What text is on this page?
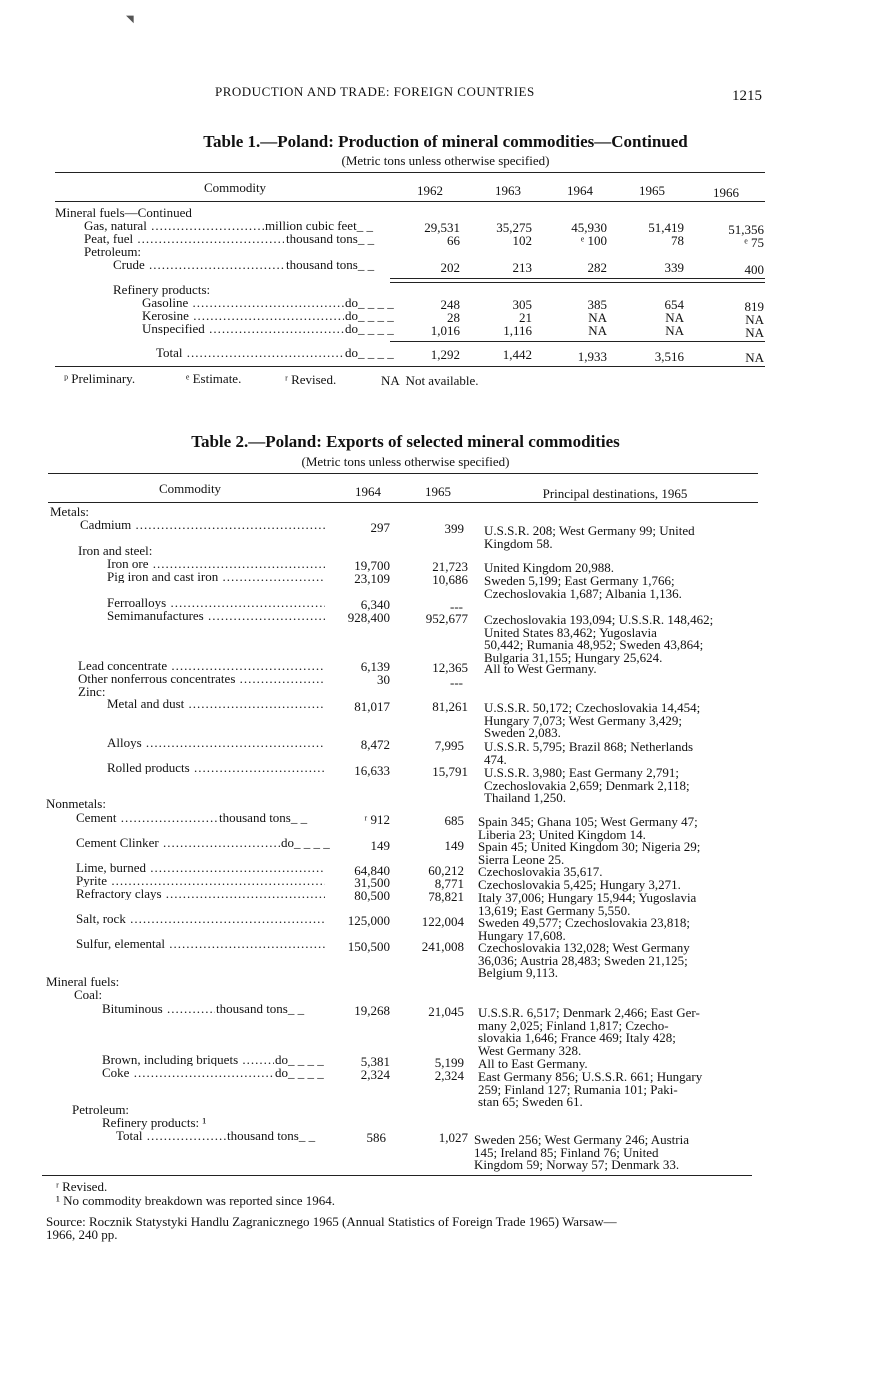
◥
PRODUCTION AND TRADE: FOREIGN COUNTRIES	1215
Table 1.—Poland: Production of mineral commodities—Continued
(Metric tons unless otherwise specified)
Commodity	1962	1963	1964	1965	1966
Mineral fuels—Continued
Gas, natural .....	million cubic feet_ _	29,531	35,275	45,930	51,419	51,356
Peat, fuel .....	thousand tons_ _	66	102	ᵉ 100	78	ᵉ 75
Petroleum:
Crude .....	thousand tons_ _	202	213	282	339	400
Refinery products:
Gasoline .....	do_ _ _ _	248	305	385	654	819
Kerosine .....	do_ _ _ _	28	21	NA	NA	NA
Unspecified .....	do_ _ _ _	1,016	1,116	NA	NA	NA
Total .....	do_ _ _ _	1,292	1,442	1,933	3,516	NA
ᵖ Preliminary.	ᵉ Estimate.	ʳ Revised.	NA  Not available.
Table 2.—Poland: Exports of selected mineral commodities
(Metric tons unless otherwise specified)
Commodity	1964	1965	Principal destinations, 1965
Metals:
Cadmium .....	297	399 U.S.S.R. 208; West Germany 99; United
Kingdom 58.
Iron and steel:
Iron ore .....	19,700	21,723 United Kingdom 20,988.
Pig iron and cast iron .....	23,109	10,686 Sweden 5,199; East Germany 1,766;
Czechoslovakia 1,687; Albania 1,136.
Ferroalloys .....	6,340	---
Semimanufactures .....	928,400	952,677 Czechoslovakia 193,094; U.S.S.R. 148,462;
United States 83,462; Yugoslavia
50,442; Rumania 48,952; Sweden 43,864;
Bulgaria 31,155; Hungary 25,624.
Lead concentrate .....	6,139	12,365 All to West Germany.
Other nonferrous concentrates .....	30	---
Zinc:
Metal and dust .....	81,017	81,261 U.S.S.R. 50,172; Czechoslovakia 14,454;
Hungary 7,073; West Germany 3,429;
Sweden 2,083.
Alloys .....	8,472	7,995 U.S.S.R. 5,795; Brazil 868; Netherlands
474.
Rolled products .....	16,633	15,791 U.S.S.R. 3,980; East Germany 2,791;
Czechoslovakia 2,659; Denmark 2,118;
Thailand 1,250.
Nonmetals:
Cement .....	thousand tons_ _	ʳ 912	685 Spain 345; Ghana 105; West Germany 47;
Liberia 23; United Kingdom 14.
Cement Clinker .....	do_ _ _ _	149	149 Spain 45; United Kingdom 30; Nigeria 29;
Sierra Leone 25.
Lime, burned .....	64,840	60,212 Czechoslovakia 35,617.
Pyrite .....	31,500	8,771 Czechoslovakia 5,425; Hungary 3,271.
Refractory clays .....	80,500	78,821 Italy 37,006; Hungary 15,944; Yugoslavia
13,619; East Germany 5,550.
Salt, rock .....	125,000	122,004 Sweden 49,577; Czechoslovakia 23,818;
Hungary 17,608.
Sulfur, elemental .....	150,500	241,008 Czechoslovakia 132,028; West Germany
36,036; Austria 28,483; Sweden 21,125;
Belgium 9,113.
Mineral fuels:
Coal:
Bituminous .....	thousand tons_ _	19,268	21,045 U.S.S.R. 6,517; Denmark 2,466; East Ger-
many 2,025; Finland 1,817; Czecho-
slovakia 1,646; France 469; Italy 428;
West Germany 328.
Brown, including briquets .....	do_ _ _ _	5,381	5,199 All to East Germany.
Coke .....	do_ _ _ _	2,324	2,324 East Germany 856; U.S.S.R. 661; Hungary
259; Finland 127; Rumania 101; Paki-
stan 65; Sweden 61.
Petroleum:
Refinery products: ¹
Total .....	thousand tons_ _	586	1,027 Sweden 256; West Germany 246; Austria
145; Ireland 85; Finland 76; United
Kingdom 59; Norway 57; Denmark 33.
ʳ Revised.
¹ No commodity breakdown was reported since 1964.
Source: Rocznik Statystyki Handlu Zagranicznego 1965 (Annual Statistics of Foreign Trade 1965) Warsaw—
1966, 240 pp.
